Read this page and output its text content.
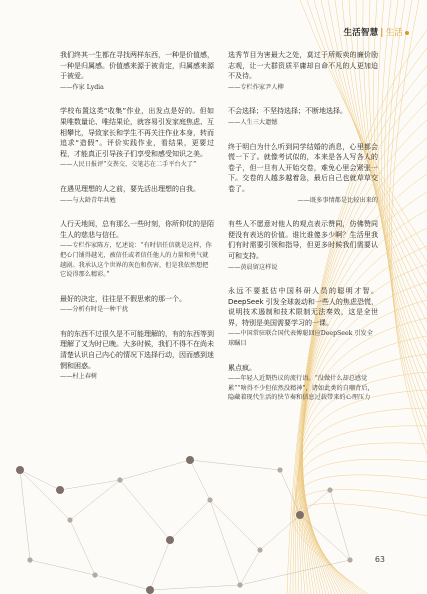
生活智慧 | 生活

我们终其一生都在寻找两样东西，一种是价值感，一种是归属感。价值感来源于被肯定，归属感来源于被爱。

——作家 Lydia

学校布置这类“收集”作业，出发点是好的。但如果唯数量论、唯结果论，就容易引发家庭焦虑、互相攀比，导致家长和学生不再关注作业本身，转而追求“造假”。评价实践作业，看结果，更要过程，才能真正引导孩子们享受和感受知识之美。

——人民日报评“交粪交、交笔芯在二手平台火了”

在遇见理想的人之前，要先活出理想的自我。

——与大龄青年共勉

人行天地间，总有那么一些时刻，你所仰仗的是陌生人的慈悲与信任。

——专栏作家陈方，忆述说：“有时信任信就是这样，你把心门铺得越光，被信任或者信任他人的力量和勇气就越剧。我承认这个世界的灰色和伤害，但是我依然想把它说得那么精彩。”

最好的决定，往往是不假思索的那一个。

——分析有时是一种干扰

有的东西不过很久是不可能理解的，有的东西等到理解了又为时已晚。大多时候，我们不得不在尚未清楚认识自己内心的情况下选择行动，因而感到迷惘和困惑。

——村上春树

选秀节目为害最大之处，莫过于所贩卖的廉价励志观，让一大群资质平庸却自命不凡的人更加迫不及待。

——专栏作家尹人柳

不会选择；不坚持选择；不断地选择。

——人生三大遗憾

终于明白为什么听到同学结婚的消息，心里都会慌一下了。就像考试似的，本来是各人写各人的卷子，但一旦有人开始交卷，难免心里会紧张一下。交卷的人越多越着急，最后自己也就草草交卷了。

——既多事情都是比较出来的

有些人不愿意对他人的观点表示赞同，仿佛赞同便没有表达的价值。谁比谁傻多少啊？生活里我们有时需要引领和指导，但更多时候我们需要认可和支持。

——黄晨留这样说

永远不要抵估中国科研人员的聪明才智。DeepSeek 引发全球轰动和一些人的焦虑恐慌，说明技术遏制和技术限制无法奏效，这是全世界，特别是美国需要学习的一课。

——中国常驻联合国代表傅聪回应DeepSeek 引发全球瞩目

累点疯。

——年轻人近期热议的流行语。“没做什么却总感觉累”“啥得不少但依然没精神”，诸如此类的自嘲背后，隐藏着现代生活的快节奏和信息过载带来的心理压力

63
